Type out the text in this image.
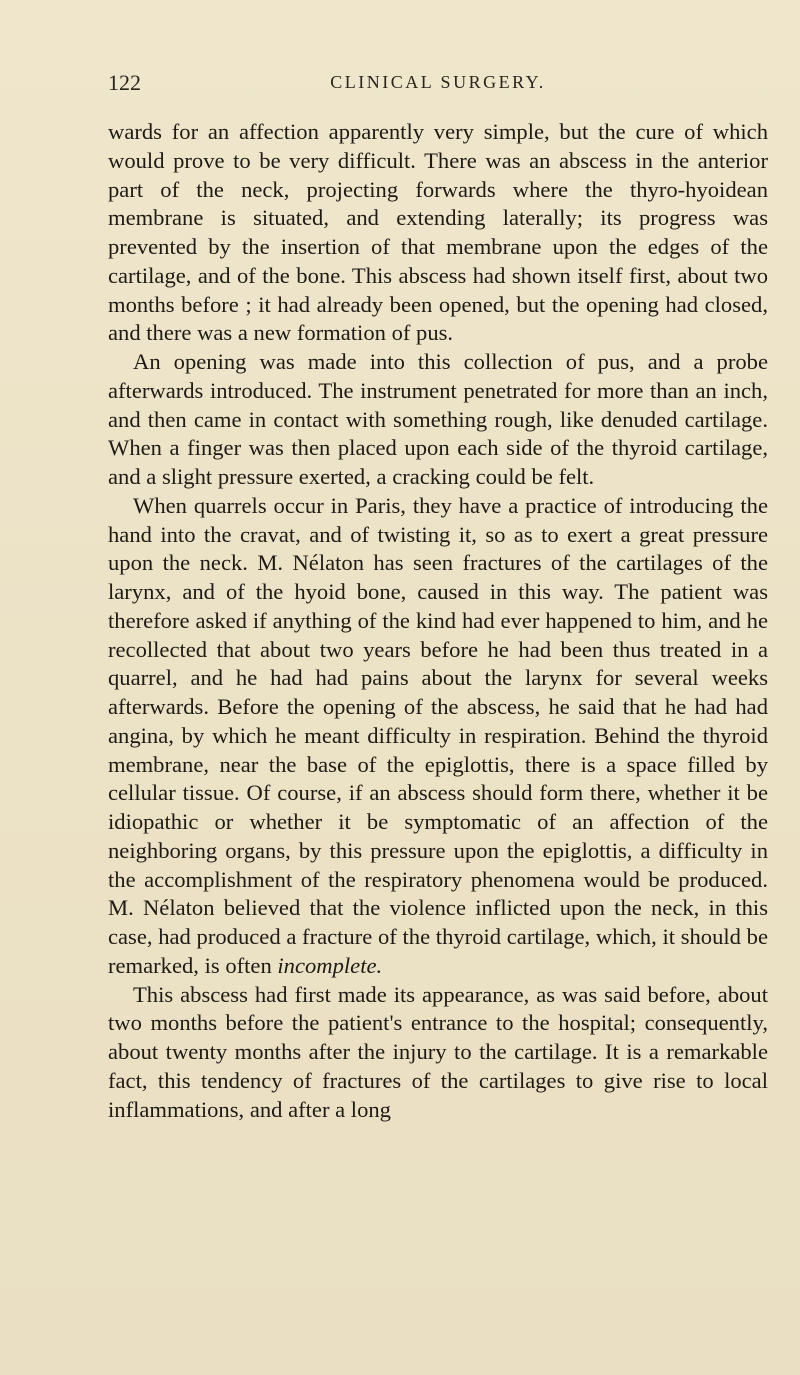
122	CLINICAL SURGERY.

wards for an affection apparently very simple, but the cure of which would prove to be very difficult. There was an abscess in the anterior part of the neck, projecting forwards where the thyro-hyoidean membrane is situated, and extending laterally; its progress was prevented by the insertion of that membrane upon the edges of the cartilage, and of the bone. This abscess had shown itself first, about two months before ; it had already been opened, but the opening had closed, and there was a new formation of pus.

An opening was made into this collection of pus, and a probe afterwards introduced. The instrument penetrated for more than an inch, and then came in contact with something rough, like denuded cartilage. When a finger was then placed upon each side of the thyroid cartilage, and a slight pressure exerted, a cracking could be felt.

When quarrels occur in Paris, they have a practice of introducing the hand into the cravat, and of twisting it, so as to exert a great pressure upon the neck. M. Nélaton has seen fractures of the cartilages of the larynx, and of the hyoid bone, caused in this way. The patient was therefore asked if anything of the kind had ever happened to him, and he recollected that about two years before he had been thus treated in a quarrel, and he had had pains about the larynx for several weeks afterwards. Before the opening of the abscess, he said that he had had angina, by which he meant difficulty in respiration. Behind the thyroid membrane, near the base of the epiglottis, there is a space filled by cellular tissue. Of course, if an abscess should form there, whether it be idiopathic or whether it be symptomatic of an affection of the neighboring organs, by this pressure upon the epiglottis, a difficulty in the accomplishment of the respiratory phenomena would be produced. M. Nélaton believed that the violence inflicted upon the neck, in this case, had produced a fracture of the thyroid cartilage, which, it should be remarked, is often incomplete.

This abscess had first made its appearance, as was said before, about two months before the patient's entrance to the hospital; consequently, about twenty months after the injury to the cartilage. It is a remarkable fact, this tendency of fractures of the cartilages to give rise to local inflammations, and after a long
